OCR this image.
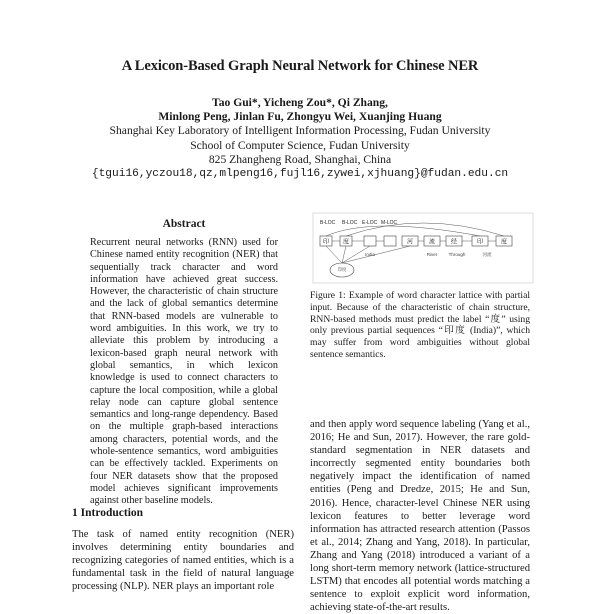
A Lexicon-Based Graph Neural Network for Chinese NER
Tao Gui*, Yicheng Zou*, Qi Zhang,
Minlong Peng, Jinlan Fu, Zhongyu Wei, Xuanjing Huang
Shanghai Key Laboratory of Intelligent Information Processing, Fudan University
School of Computer Science, Fudan University
825 Zhangheng Road, Shanghai, China
{tgui16,yczou18,qz,mlpeng16,fujl16,zywei,xjhuang}@fudan.edu.cn
Abstract
Recurrent neural networks (RNN) used for Chinese named entity recognition (NER) that sequentially track character and word information have achieved great success. However, the characteristic of chain structure and the lack of global semantics determine that RNN-based models are vulnerable to word ambiguities. In this work, we try to alleviate this problem by introducing a lexicon-based graph neural network with global semantics, in which lexicon knowledge is used to connect characters to capture the local composition, while a global relay node can capture global sentence semantics and long-range dependency. Based on the multiple graph-based interactions among characters, potential words, and the whole-sentence semantics, word ambiguities can be effectively tackled. Experiments on four NER datasets show that the proposed model achieves significant improvements against other baseline models.
1 Introduction
The task of named entity recognition (NER) involves determining entity boundaries and recognizing categories of named entities, which is a fundamental task in the field of natural language processing (NLP). NER plays an important role
B-LOC B-LOC E-LOC M-LOC
印 度	河	流	经	印	度
印度
India	River	Through	河流
Figure 1: Example of word character lattice with partial input. Because of the characteristic of chain structure, RNN-based methods must predict the label “度” using only previous partial sequences “印度 (India)”, which may suffer from word ambiguities without global sentence semantics.
and then apply word sequence labeling (Yang et al., 2016; He and Sun, 2017). However, the rare gold-standard segmentation in NER datasets and incorrectly segmented entity boundaries both negatively impact the identification of named entities (Peng and Dredze, 2015; He and Sun, 2016). Hence, character-level Chinese NER using lexicon features to better leverage word information has attracted research attention (Passos et al., 2014; Zhang and Yang, 2018). In particular, Zhang and Yang (2018) introduced a variant of a long short-term memory network (lattice-structured LSTM) that encodes all potential words matching a sentence to exploit explicit word information, achieving state-of-the-art results.
